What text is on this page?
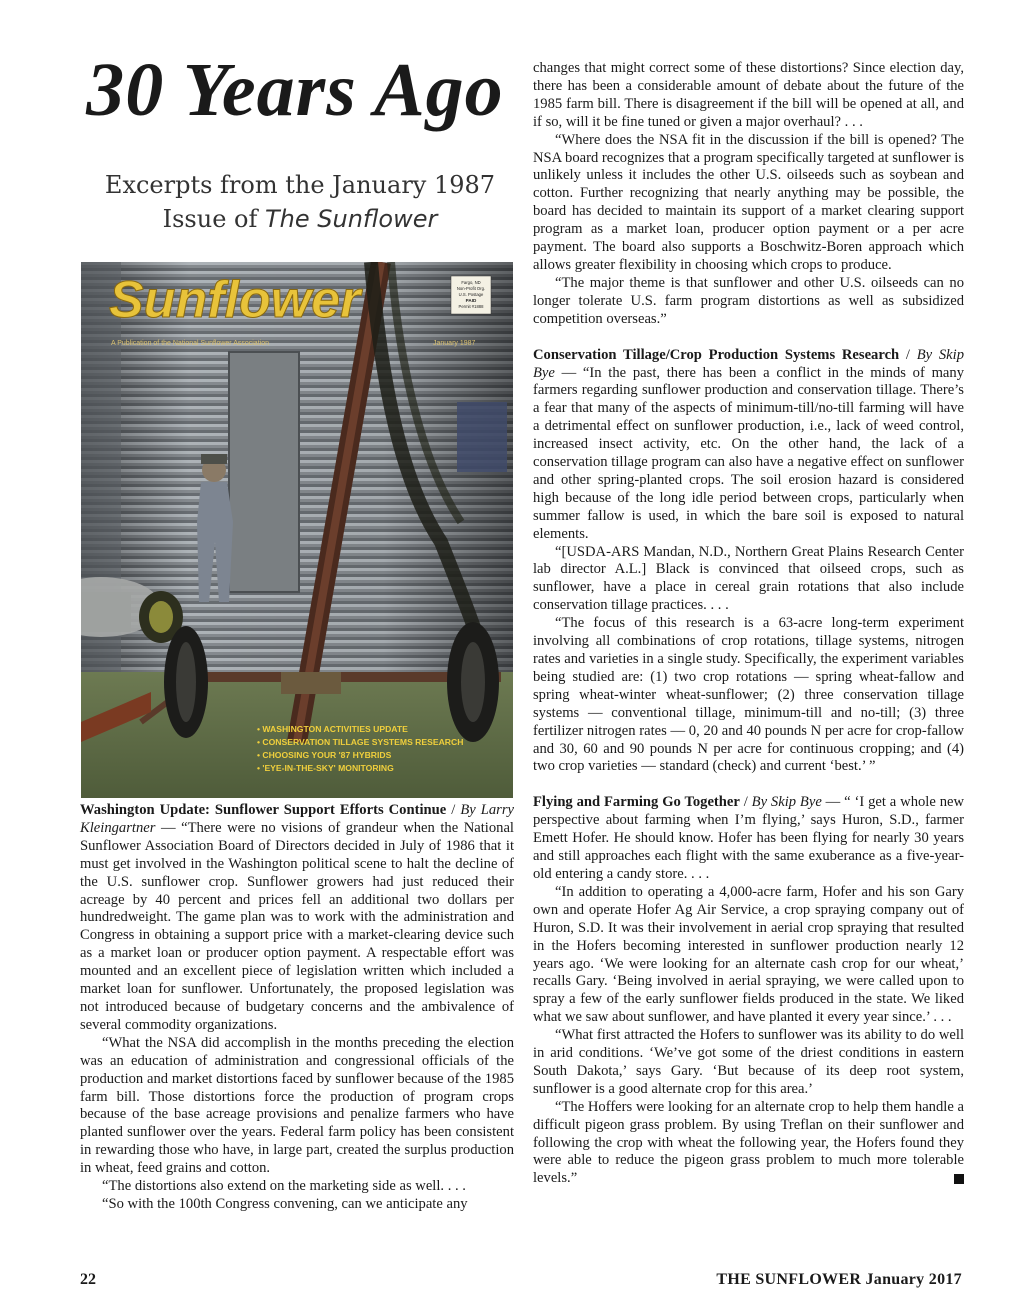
30 Years Ago
Excerpts from the January 1987
Issue of The Sunflower
Sunflower
A Publication of the National Sunflower Association	January 1987
Fargo, ND
Non-Profit Org.
U.S. Postage
PAID
Permit #1888
• WASHINGTON ACTIVITIES UPDATE
• CONSERVATION TILLAGE SYSTEMS RESEARCH
• CHOOSING YOUR '87 HYBRIDS
• 'EYE-IN-THE-SKY' MONITORING

Washington Update: Sunflower Support Efforts Continue / By Larry Kleingartner — “There were no visions of grandeur when the National Sunflower Association Board of Directors decided in July of 1986 that it must get involved in the Washington political scene to halt the decline of the U.S. sunflower crop. Sunflower growers had just reduced their acreage by 40 percent and prices fell an additional two dollars per hundredweight. The game plan was to work with the administration and Congress in obtaining a support price with a market-clearing device such as a market loan or producer option payment. A respectable effort was mounted and an excellent piece of legislation written which included a market loan for sunflower. Unfortunately, the proposed legislation was not introduced because of budgetary concerns and the ambivalence of several commodity organizations.

“What the NSA did accomplish in the months preceding the election was an education of administration and congressional officials of the production and market distortions faced by sunflower because of the 1985 farm bill. Those distortions force the production of program crops because of the base acreage provisions and penalize farmers who have planted sunflower over the years. Federal farm policy has been consistent in rewarding those who have, in large part, created the surplus production in wheat, feed grains and cotton.

“The distortions also extend on the marketing side as well. . . .

“So with the 100th Congress convening, can we anticipate any

changes that might correct some of these distortions? Since election day, there has been a considerable amount of debate about the future of the 1985 farm bill. There is disagreement if the bill will be opened at all, and if so, will it be fine tuned or given a major overhaul? . . .

“Where does the NSA fit in the discussion if the bill is opened? The NSA board recognizes that a program specifically targeted at sunflower is unlikely unless it includes the other U.S. oilseeds such as soybean and cotton. Further recognizing that nearly anything may be possible, the board has decided to maintain its support of a market clearing support program as a market loan, producer option payment or a per acre payment. The board also supports a Boschwitz-Boren approach which allows greater flexibility in choosing which crops to produce.

“The major theme is that sunflower and other U.S. oilseeds can no longer tolerate U.S. farm program distortions as well as subsidized competition overseas.”

Conservation Tillage/Crop Production Systems Research / By Skip Bye — “In the past, there has been a conflict in the minds of many farmers regarding sunflower production and conservation tillage. There’s a fear that many of the aspects of minimum-till/no-till farming will have a detrimental effect on sunflower production, i.e., lack of weed control, increased insect activity, etc. On the other hand, the lack of a conservation tillage program can also have a negative effect on sunflower and other spring-planted crops. The soil erosion hazard is considered high because of the long idle period between crops, particularly when summer fallow is used, in which the bare soil is exposed to natural elements.

“[USDA-ARS Mandan, N.D., Northern Great Plains Research Center lab director A.L.] Black is convinced that oilseed crops, such as sunflower, have a place in cereal grain rotations that also include conservation tillage practices. . . .

“The focus of this research is a 63-acre long-term experiment involving all combinations of crop rotations, tillage systems, nitrogen rates and varieties in a single study. Specifically, the experiment variables being studied are: (1) two crop rotations — spring wheat-fallow and spring wheat-winter wheat-sunflower; (2) three conservation tillage systems — conventional tillage, minimum-till and no-till; (3) three fertilizer nitrogen rates — 0, 20 and 40 pounds N per acre for crop-fallow and 30, 60 and 90 pounds N per acre for continuous cropping; and (4) two crop varieties — standard (check) and current ‘best.’ ”

Flying and Farming Go Together / By Skip Bye — “ ‘I get a whole new perspective about farming when I’m flying,’ says Huron, S.D., farmer Emett Hofer. He should know. Hofer has been flying for nearly 30 years and still approaches each flight with the same exuberance as a five-year-old entering a candy store. . . .

“In addition to operating a 4,000-acre farm, Hofer and his son Gary own and operate Hofer Ag Air Service, a crop spraying company out of Huron, S.D. It was their involvement in aerial crop spraying that resulted in the Hofers becoming interested in sunflower production nearly 12 years ago. ‘We were looking for an alternate cash crop for our wheat,’ recalls Gary. ‘Being involved in aerial spraying, we were called upon to spray a few of the early sunflower fields produced in the state. We liked what we saw about sunflower, and have planted it every year since.’ . . .

“What first attracted the Hofers to sunflower was its ability to do well in arid conditions. ‘We’ve got some of the driest conditions in eastern South Dakota,’ says Gary. ‘But because of its deep root system, sunflower is a good alternate crop for this area.’

“The Hoffers were looking for an alternate crop to help them handle a difficult pigeon grass problem. By using Treflan on their sunflower and following the crop with wheat the following year, the Hofers found they were able to reduce the pigeon grass problem to much more tolerable levels.”

22	THE SUNFLOWER January 2017
